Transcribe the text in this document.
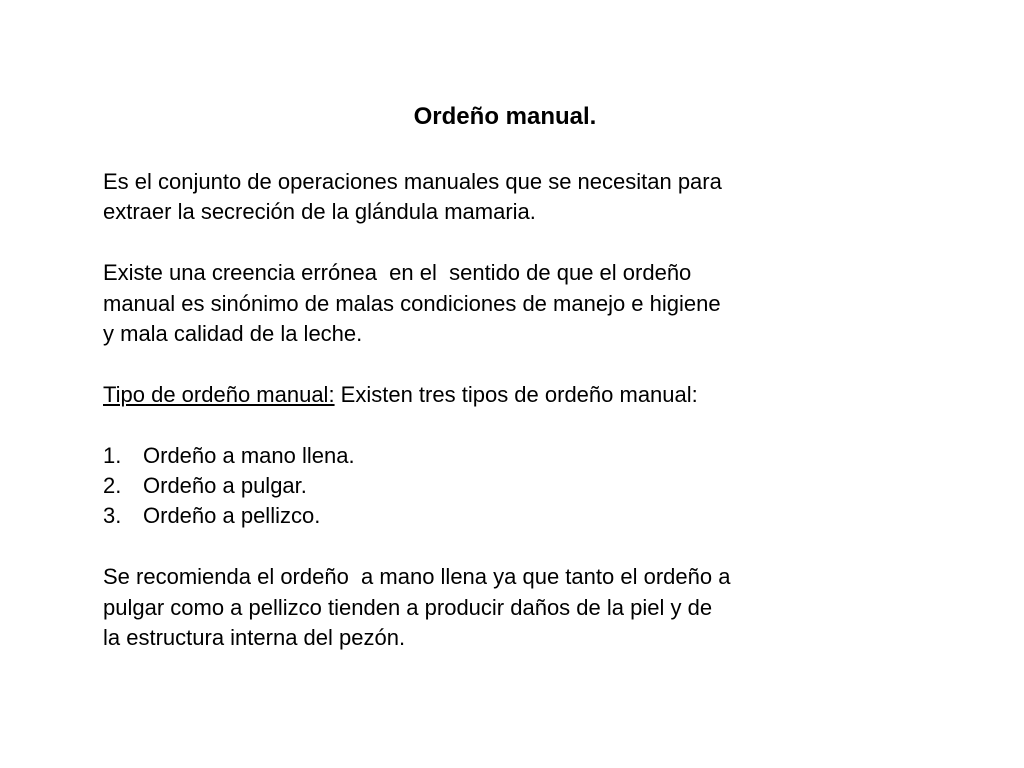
Ordeño manual.

Es el conjunto de operaciones manuales que se necesitan para
extraer la secreción de la glándula mamaria.

Existe una creencia errónea  en el  sentido de que el ordeño
manual es sinónimo de malas condiciones de manejo e higiene
y mala calidad de la leche.

Tipo de ordeño manual: Existen tres tipos de ordeño manual:

1. Ordeño a mano llena.
2. Ordeño a pulgar.
3. Ordeño a pellizco.

Se recomienda el ordeño  a mano llena ya que tanto el ordeño a
pulgar como a pellizco tienden a producir daños de la piel y de
la estructura interna del pezón.
